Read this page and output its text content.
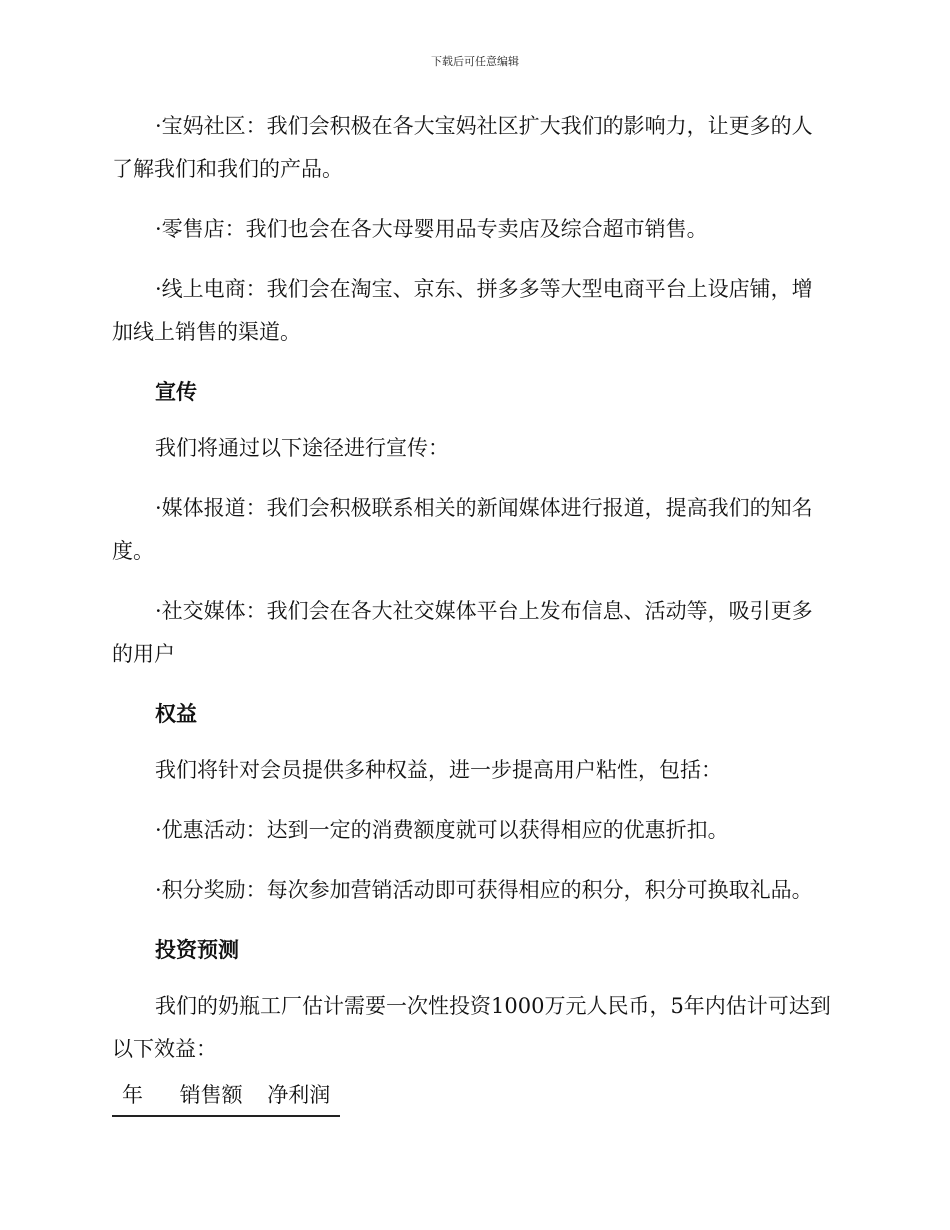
下载后可任意编辑

·宝妈社区：我们会积极在各大宝妈社区扩大我们的影响力，让更多的人了解我们和我们的产品。

·零售店：我们也会在各大母婴用品专卖店及综合超市销售。

·线上电商：我们会在淘宝、京东、拼多多等大型电商平台上设店铺，增加线上销售的渠道。

宣传

我们将通过以下途径进行宣传：

·媒体报道：我们会积极联系相关的新闻媒体进行报道，提高我们的知名度。

·社交媒体：我们会在各大社交媒体平台上发布信息、活动等，吸引更多的用户

权益

我们将针对会员提供多种权益，进一步提高用户粘性，包括：

·优惠活动：达到一定的消费额度就可以获得相应的优惠折扣。

·积分奖励：每次参加营销活动即可获得相应的积分，积分可换取礼品。

投资预测

我们的奶瓶工厂估计需要一次性投资1000万元人民币，5年内估计可达到以下效益：

年	销售额	净利润
